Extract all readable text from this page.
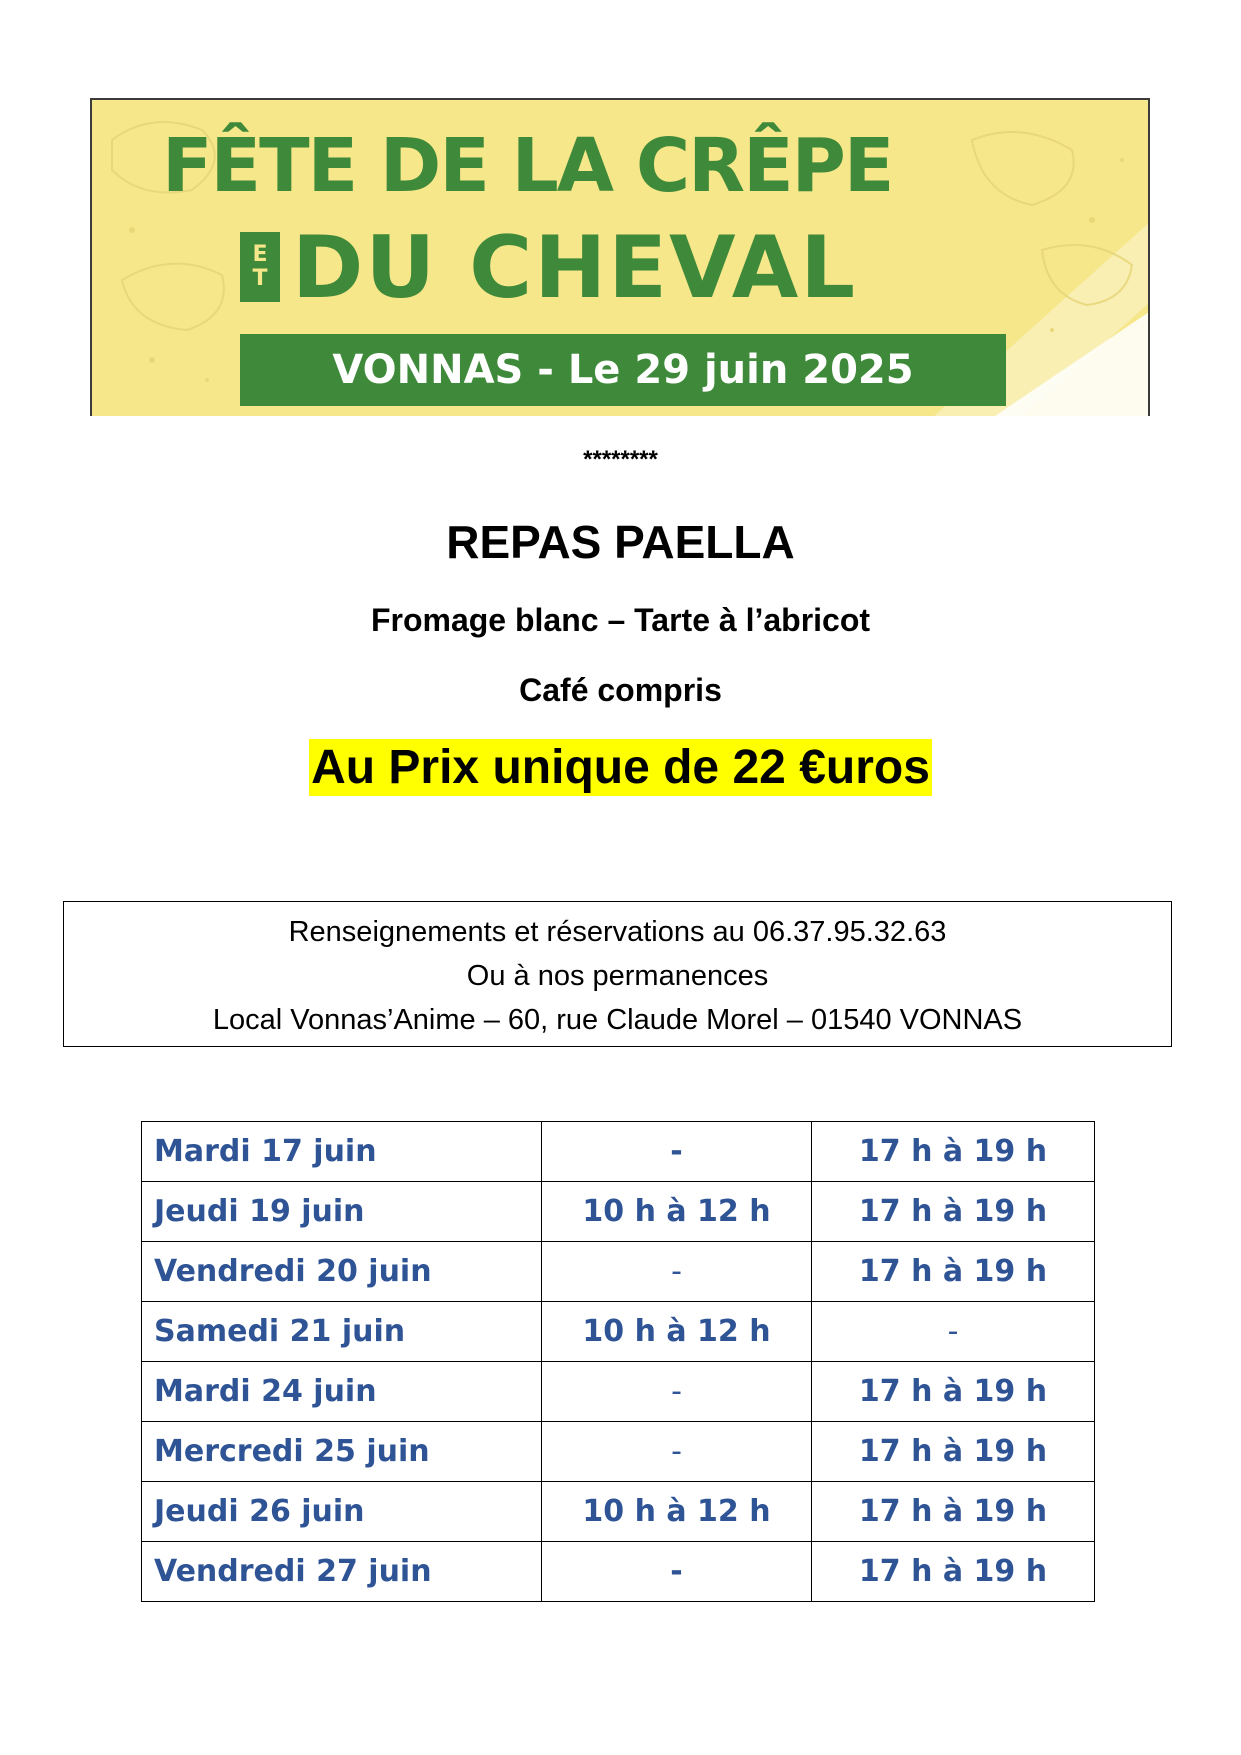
FÊTE DE LA CRÊPE
E
T DU CHEVAL
VONNAS - Le 29 juin 2025
********
REPAS PAELLA
Fromage blanc – Tarte à l’abricot
Café compris
Au Prix unique de 22 €uros
Renseignements et réservations au 06.37.95.32.63
Ou à nos permanences
Local Vonnas’Anime – 60, rue Claude Morel – 01540 VONNAS
Mardi 17 juin	-	17 h à 19 h
Jeudi 19 juin	10 h à 12 h	17 h à 19 h
Vendredi 20 juin	-	17 h à 19 h
Samedi 21 juin	10 h à 12 h	-
Mardi 24 juin	-	17 h à 19 h
Mercredi 25 juin	-	17 h à 19 h
Jeudi 26 juin	10 h à 12 h	17 h à 19 h
Vendredi 27 juin	-	17 h à 19 h
